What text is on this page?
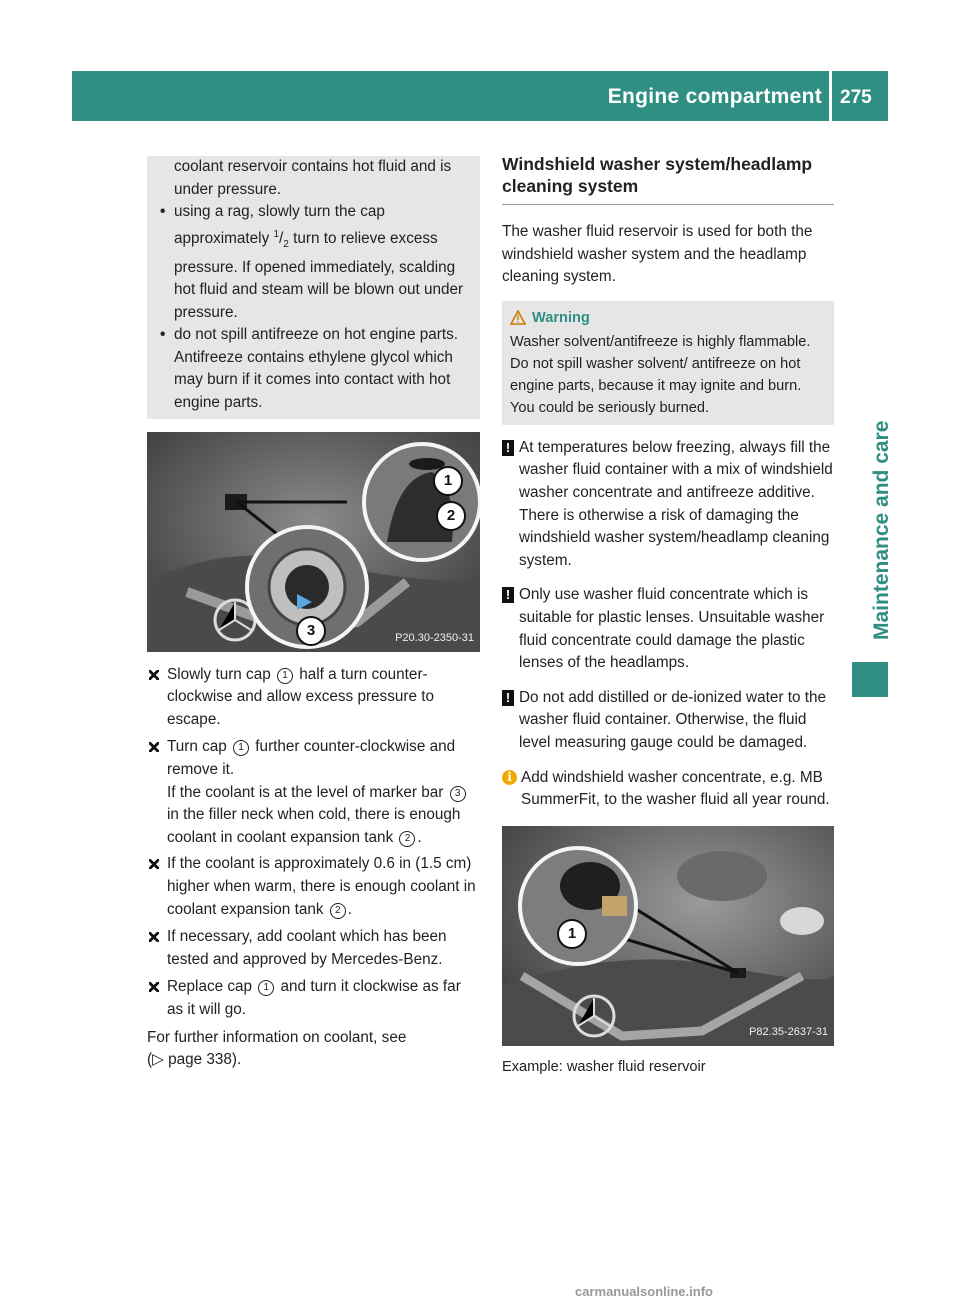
Engine compartment 275
Maintenance and care

coolant reservoir contains hot fluid and is under pressure.

• using a rag, slowly turn the cap approximately $^1/_2$ turn to relieve excess pressure. If opened immediately, scalding hot fluid and steam will be blown out under pressure.

• do not spill antifreeze on hot engine parts. Antifreeze contains ethylene glycol which may burn if it comes into contact with hot engine parts.

1
2
3	P20.30-2350-31

Slowly turn cap 1 half a turn counter-clockwise and allow excess pressure to escape.

Turn cap 1 further counter-clockwise and remove it.
If the coolant is at the level of marker bar 3 in the filler neck when cold, there is enough coolant in coolant expansion tank 2 .

If the coolant is approximately 0.6 in (1.5 cm) higher when warm, there is enough coolant in coolant expansion tank 2 .

If necessary, add coolant which has been tested and approved by Mercedes-Benz.

Replace cap 1 and turn it clockwise as far as it will go.

For further information on coolant, see
(▷ page 338).

Windshield washer system/headlamp cleaning system

The washer fluid reservoir is used for both the windshield washer system and the headlamp cleaning system.

Warning
Washer solvent/antifreeze is highly flammable. Do not spill washer solvent/ antifreeze on hot engine parts, because it may ignite and burn. You could be seriously burned.

! At temperatures below freezing, always fill the washer fluid container with a mix of windshield washer concentrate and antifreeze additive. There is otherwise a risk of damaging the windshield washer system/headlamp cleaning system.

! Only use washer fluid concentrate which is suitable for plastic lenses. Unsuitable washer fluid concentrate could damage the plastic lenses of the headlamps.

! Do not add distilled or de-ionized water to the washer fluid container. Otherwise, the fluid level measuring gauge could be damaged.

i Add windshield washer concentrate, e.g. MB SummerFit, to the washer fluid all year round.

1
P82.35-2637-31
Example: washer fluid reservoir
carmanualsonline.info
